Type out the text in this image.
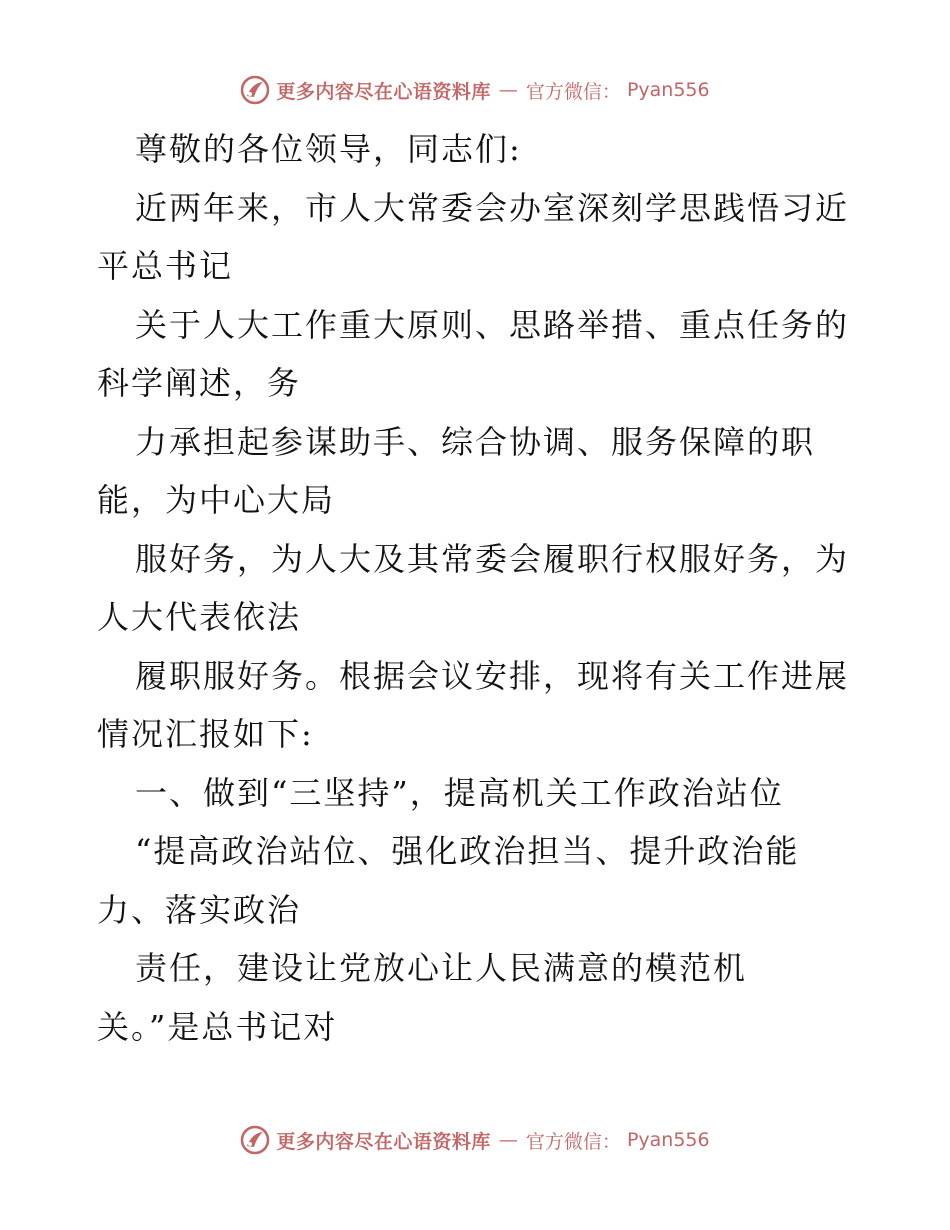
更多内容尽在心语资料库 — 官方微信： Pyan556
尊敬的各位领导，同志们:
近两年来，市人大常委会办室深刻学思践悟习近
平总书记
关于人大工作重大原则、思路举措、重点任务的
科学阐述，务
力承担起参谋助手、综合协调、服务保障的职
能，为中心大局
服好务，为人大及其常委会履职行权服好务，为
人大代表依法
履职服好务。根据会议安排，现将有关工作进展
情况汇报如下:
一、做到“三坚持”，提高机关工作政治站位
“提高政治站位、强化政治担当、提升政治能
力、落实政治
责任，建设让党放心让人民满意的模范机
关。”是总书记对
更多内容尽在心语资料库 — 官方微信： Pyan556
